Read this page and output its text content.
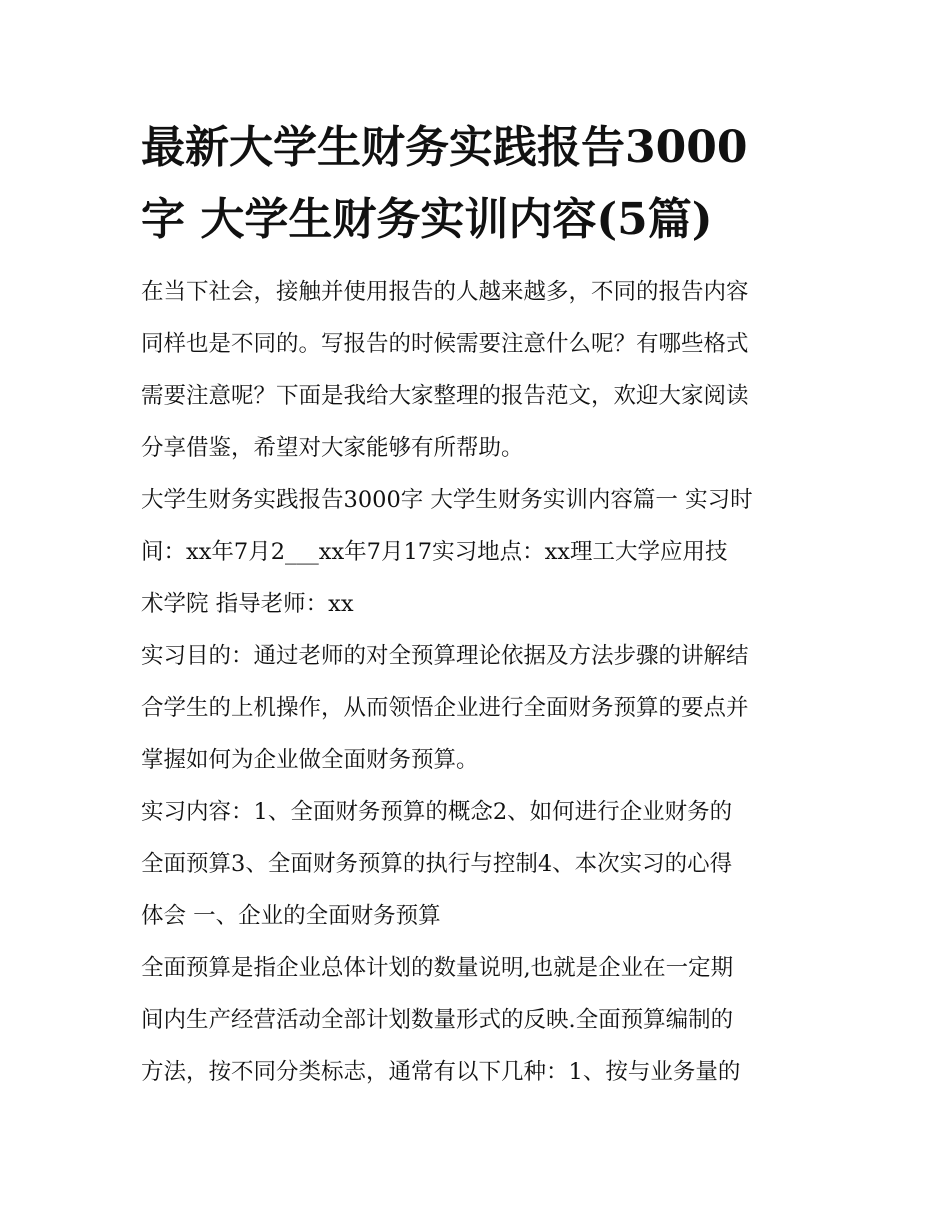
最新大学生财务实践报告3000
字 大学生财务实训内容(5篇)

在当下社会，接触并使用报告的人越来越多，不同的报告内容
同样也是不同的。写报告的时候需要注意什么呢？有哪些格式
需要注意呢？下面是我给大家整理的报告范文，欢迎大家阅读
分享借鉴，希望对大家能够有所帮助。

大学生财务实践报告3000字 大学生财务实训内容篇一 实习时
间：xx年7月2___xx年7月17实习地点：xx理工大学应用技
术学院 指导老师：xx

实习目的：通过老师的对全预算理论依据及方法步骤的讲解结
合学生的上机操作，从而领悟企业进行全面财务预算的要点并
掌握如何为企业做全面财务预算。

实习内容：1、全面财务预算的概念2、如何进行企业财务的
全面预算3、全面财务预算的执行与控制4、本次实习的心得
体会 一、企业的全面财务预算

全面预算是指企业总体计划的数量说明,也就是企业在一定期
间内生产经营活动全部计划数量形式的反映.全面预算编制的
方法，按不同分类标志，通常有以下几种：1、按与业务量的
